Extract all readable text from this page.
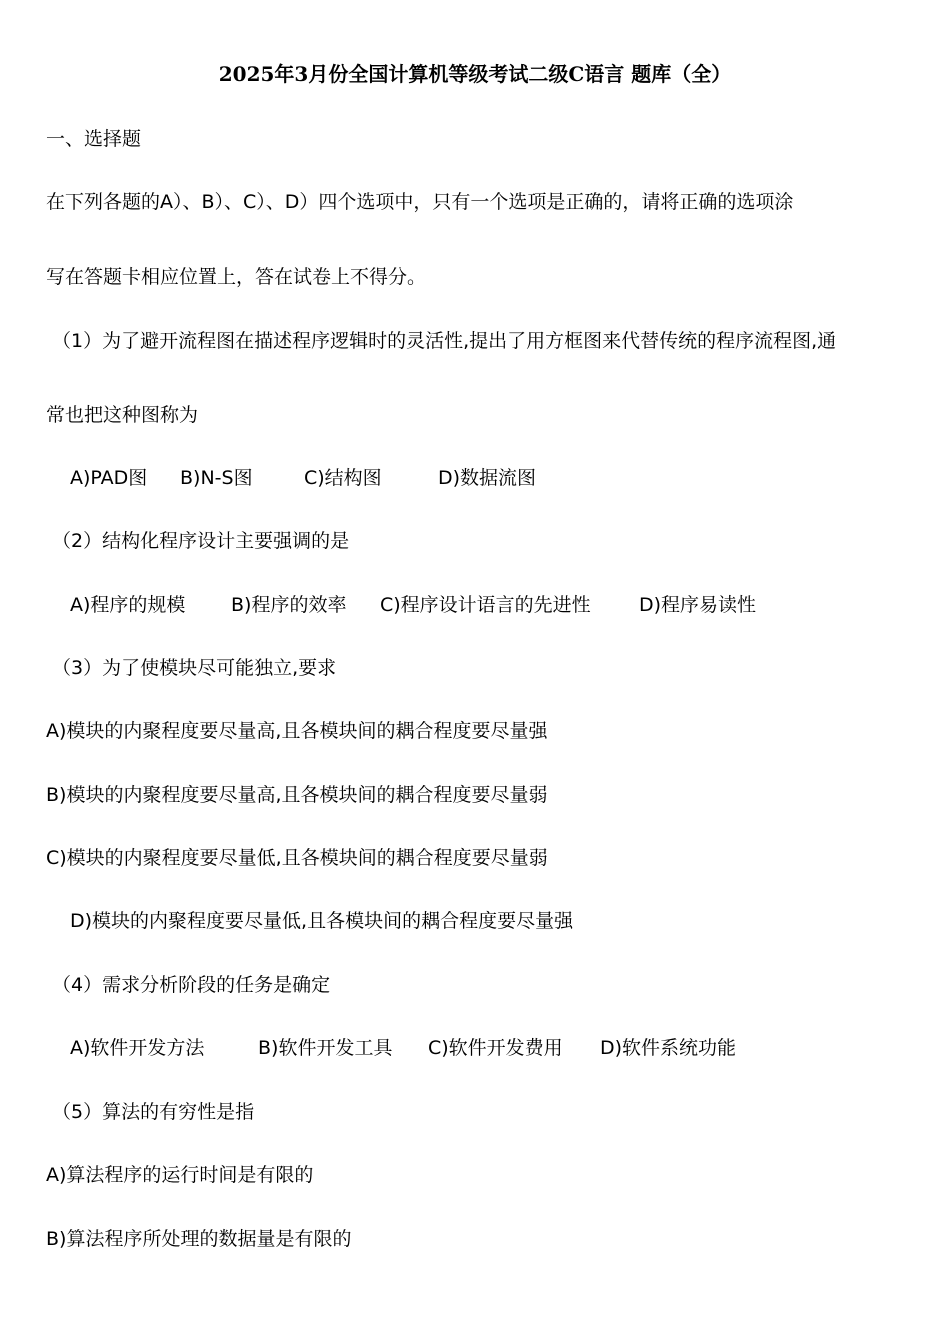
2025年3月份全国计算机等级考试二级C语言 题库（全）
一、选择题
在下列各题的A）、B）、C）、D）四个选项中，只有一个选项是正确的，请将正确的选项涂
写在答题卡相应位置上，答在试卷上不得分。
（1）为了避开流程图在描述程序逻辑时的灵活性,提出了用方框图来代替传统的程序流程图,通
常也把这种图称为
A)PAD图 B)N-S图	C)结构图	D)数据流图
（2）结构化程序设计主要强调的是
A)程序的规模 B)程序的效率 C)程序设计语言的先进性	D)程序易读性
（3）为了使模块尽可能独立,要求
A)模块的内聚程度要尽量高,且各模块间的耦合程度要尽量强
B)模块的内聚程度要尽量高,且各模块间的耦合程度要尽量弱
C)模块的内聚程度要尽量低,且各模块间的耦合程度要尽量弱
D)模块的内聚程度要尽量低,且各模块间的耦合程度要尽量强
（4）需求分析阶段的任务是确定
A)软件开发方法	B)软件开发工具 C)软件开发费用 D)软件系统功能
（5）算法的有穷性是指
A)算法程序的运行时间是有限的
B)算法程序所处理的数据量是有限的
